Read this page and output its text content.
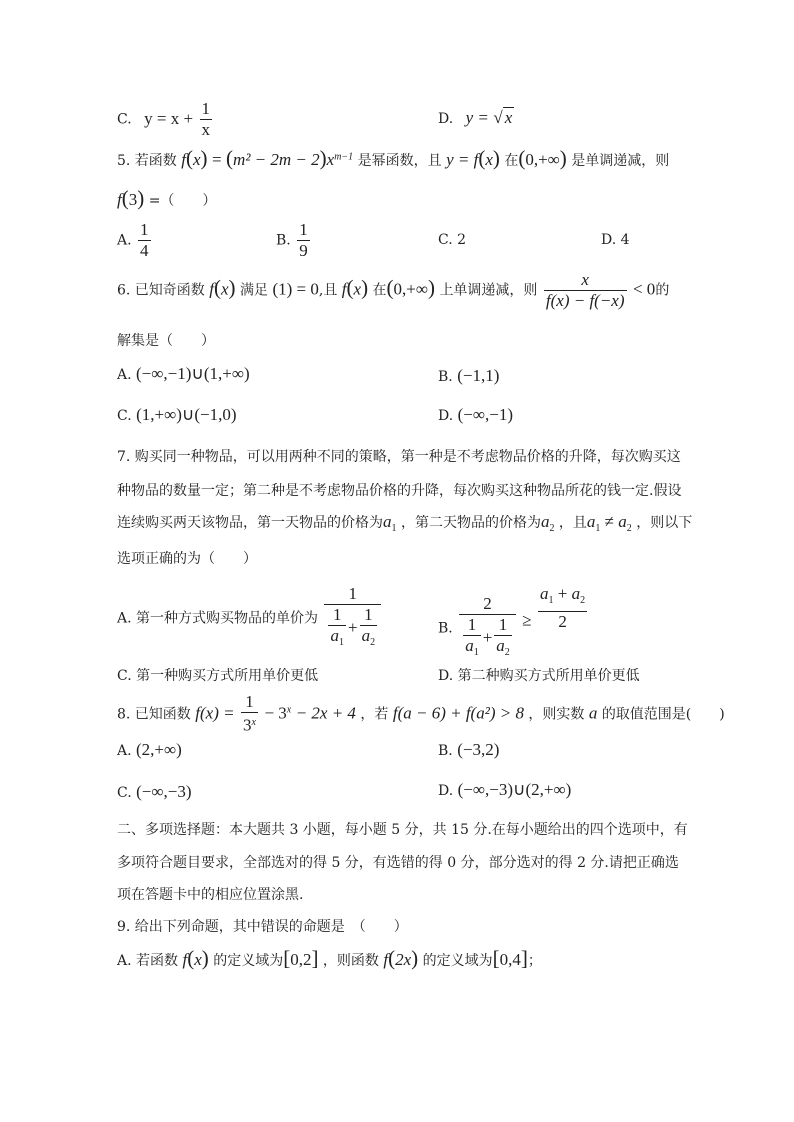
C. $y = x + \frac{1}{x}$	D. y = √ x
5. 若函数 $f(x) = (m^2 - 2m - 2)x^{m-1}$ 是幂函数，且 y = f(x) 在(0,+∞) 是单调递减，则
f(3) =（　　）
A. $\frac{1}{4}$	B. $\frac{1}{9}$	C. 2	D. 4
6. 已知奇函数 f(x) 满足 (1) = 0,且 f(x) 在(0,+∞) 上单调递减，则 $\frac{x}{f(x) - f(-x)} < 0$的
解集是（　　）
A. (−∞,−1)∪(1,+∞)	B. (−1,1)
C. (1,+∞)∪(−1,0)	D. (−∞,−1)
7. 购买同一种物品，可以用两种不同的策略，第一种是不考虑物品价格的升降，每次购买这
种物品的数量一定；第二种是不考虑物品价格的升降，每次购买这种物品所花的钱一定.假设
连续购买两天该物品，第一天物品的价格为$a_1$ ，第二天物品的价格为$a_2$ ，且$a_1 \ne a_2$ ，则以下
选项正确的为（　　）
A. 第一种方式购买物品的单价为 $\frac{1}{\frac{1}{a_1} + \frac{1}{a_2}}$	B. $\frac{2}{\frac{1}{a_1} + \frac{1}{a_2}} \ge \frac{a_1 + a_2}{2}$
C. 第一种购买方式所用单价更低	D. 第二种购买方式所用单价更低
8. 已知函数 $f(x) = \frac{1}{3^x} - 3^x - 2x + 4$ ，若 f(a − 6) + f(a²) > 8 ，则实数 a 的取值范围是(　　)
A. (2,+∞)	B. (−3,2)
C. (−∞,−3)	D. (−∞,−3)∪(2,+∞)
二、多项选择题：本大题共 3 小题，每小题 5 分，共 15 分.在每小题给出的四个选项中，有
多项符合题目要求，全部选对的得 5 分，有选错的得 0 分，部分选对的得 2 分.请把正确选
项在答题卡中的相应位置涂黑.
9. 给出下列命题，其中错误的命题是　（　　）
A. 若函数 f(x) 的定义域为[0,2] ，则函数 f(2x) 的定义域为[0,4]；
